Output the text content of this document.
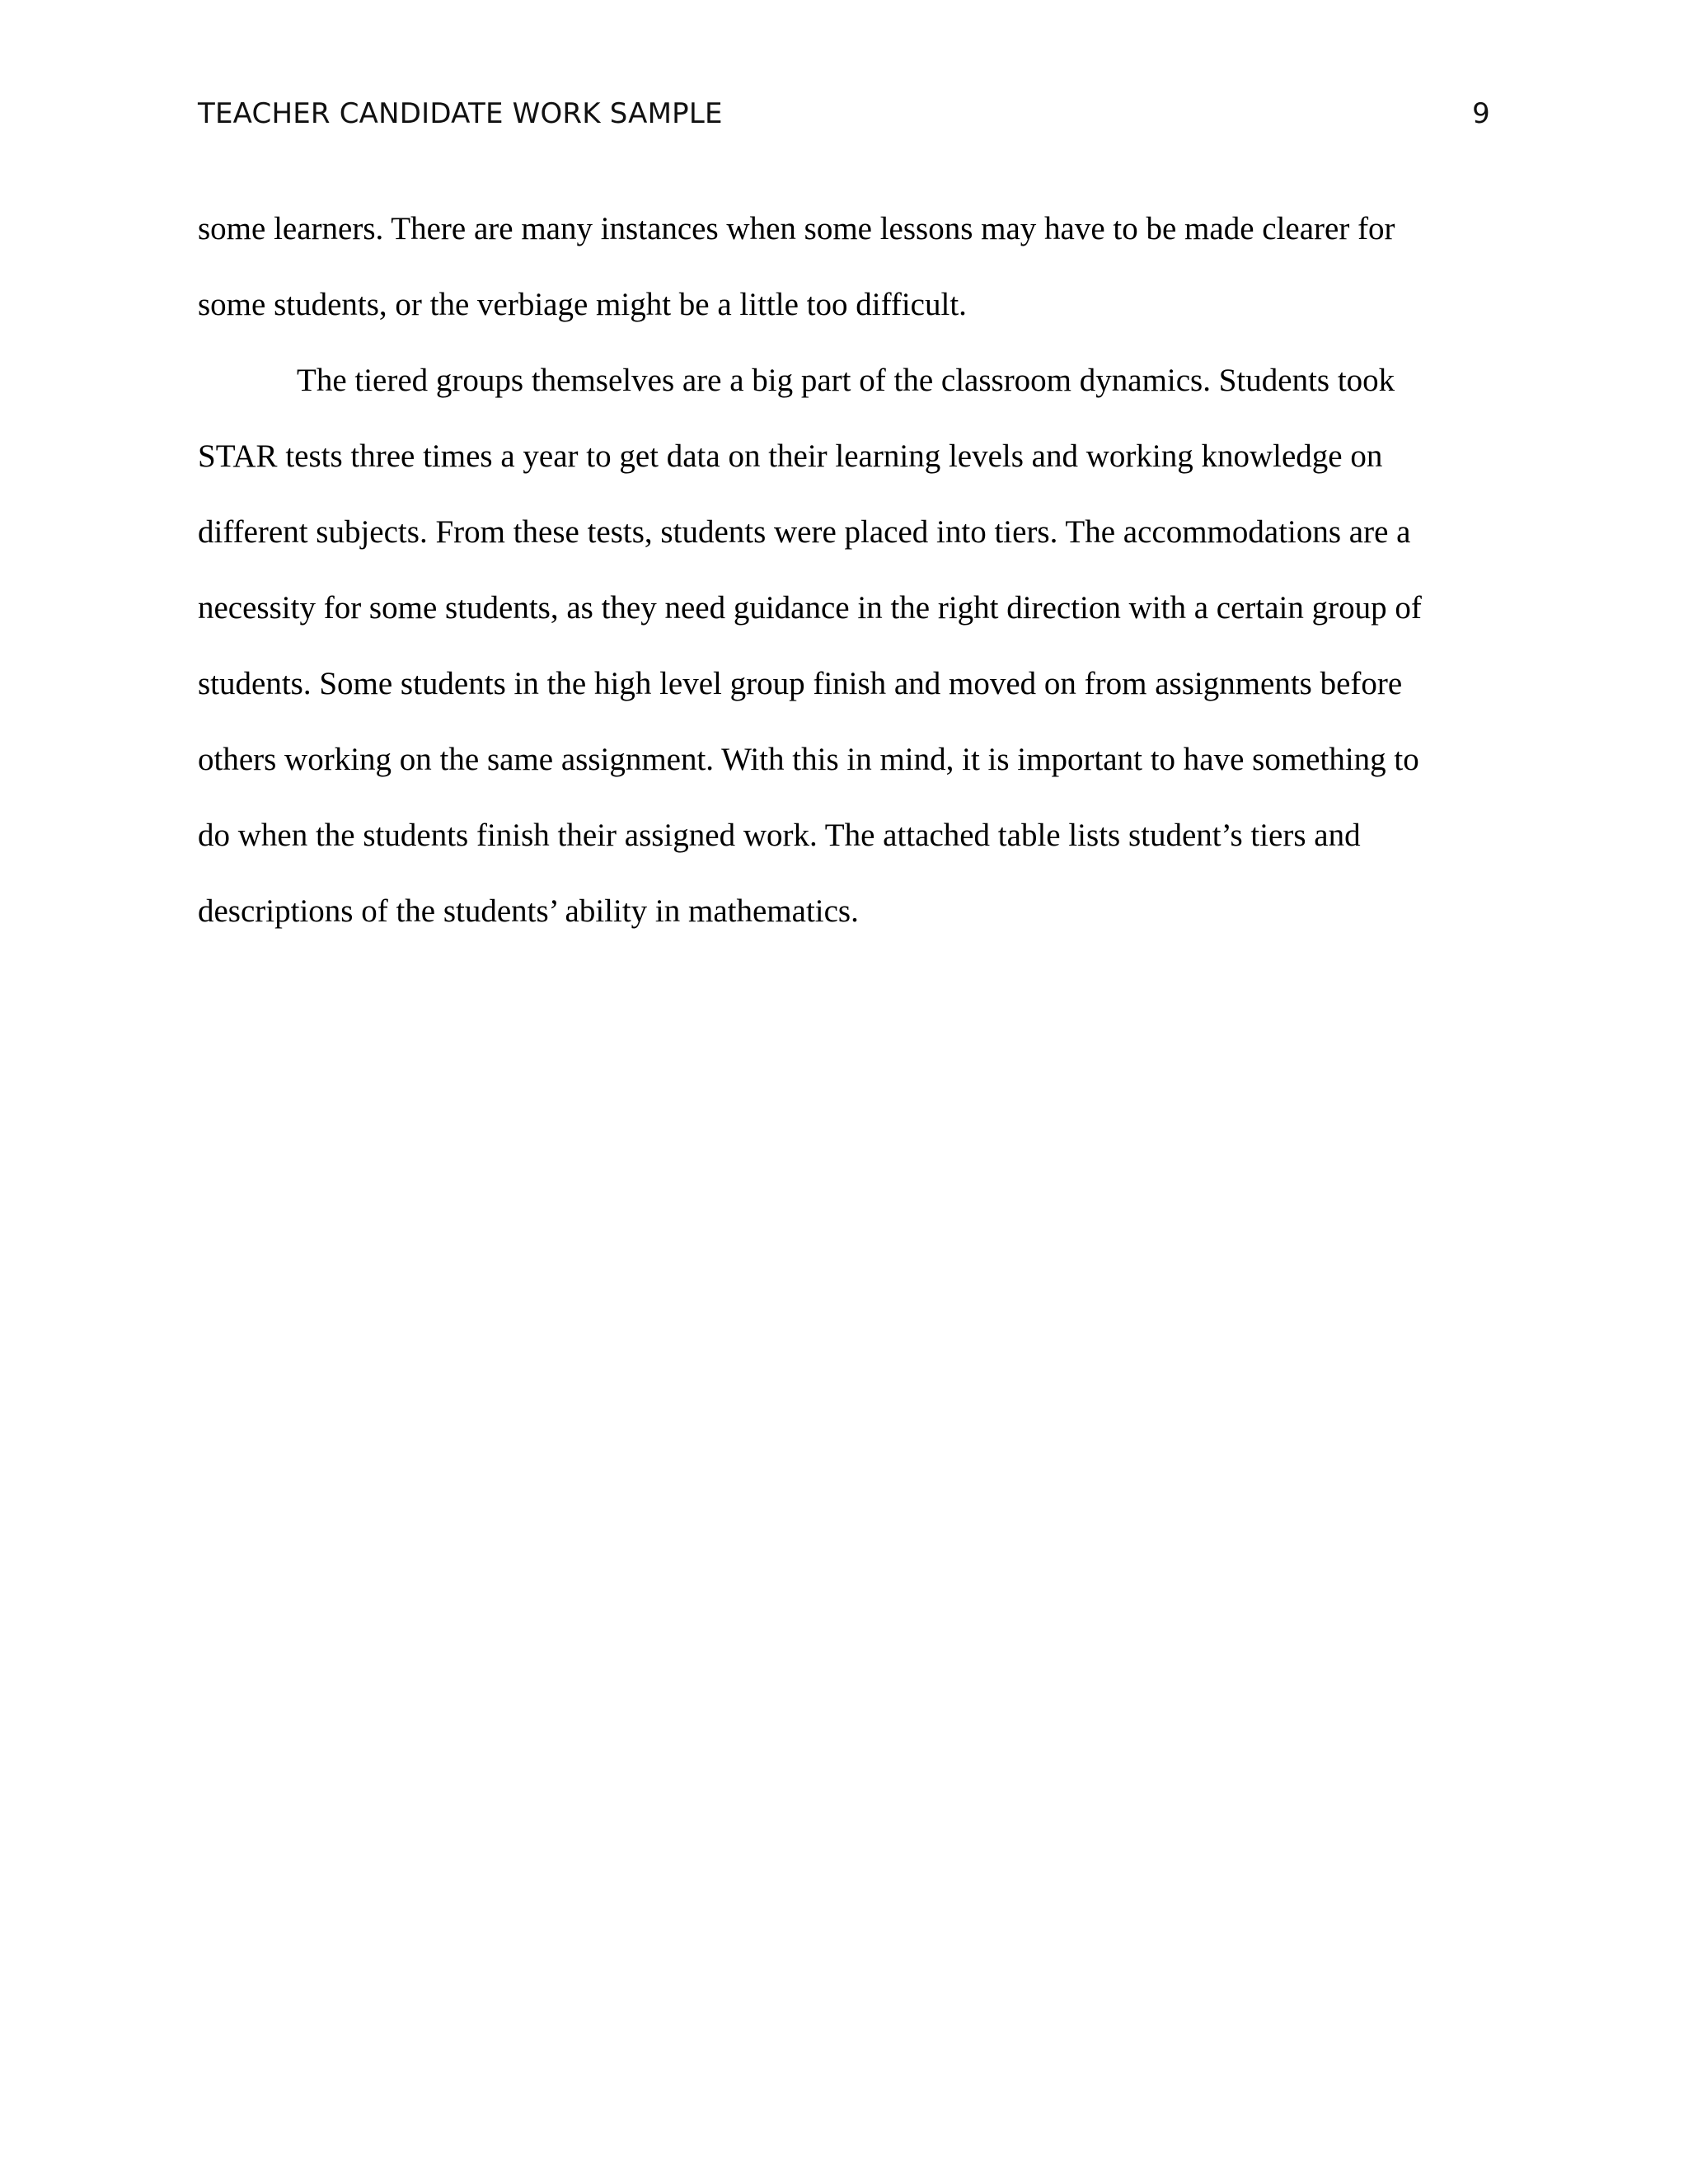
TEACHER CANDIDATE WORK SAMPLE	9
some learners. There are many instances when some lessons may have to be made clearer for
some students, or the verbiage might be a little too difficult.
The tiered groups themselves are a big part of the classroom dynamics. Students took
STAR tests three times a year to get data on their learning levels and working knowledge on
different subjects. From these tests, students were placed into tiers. The accommodations are a
necessity for some students, as they need guidance in the right direction with a certain group of
students. Some students in the high level group finish and moved on from assignments before
others working on the same assignment. With this in mind, it is important to have something to
do when the students finish their assigned work. The attached table lists student’s tiers and
descriptions of the students’ ability in mathematics.
